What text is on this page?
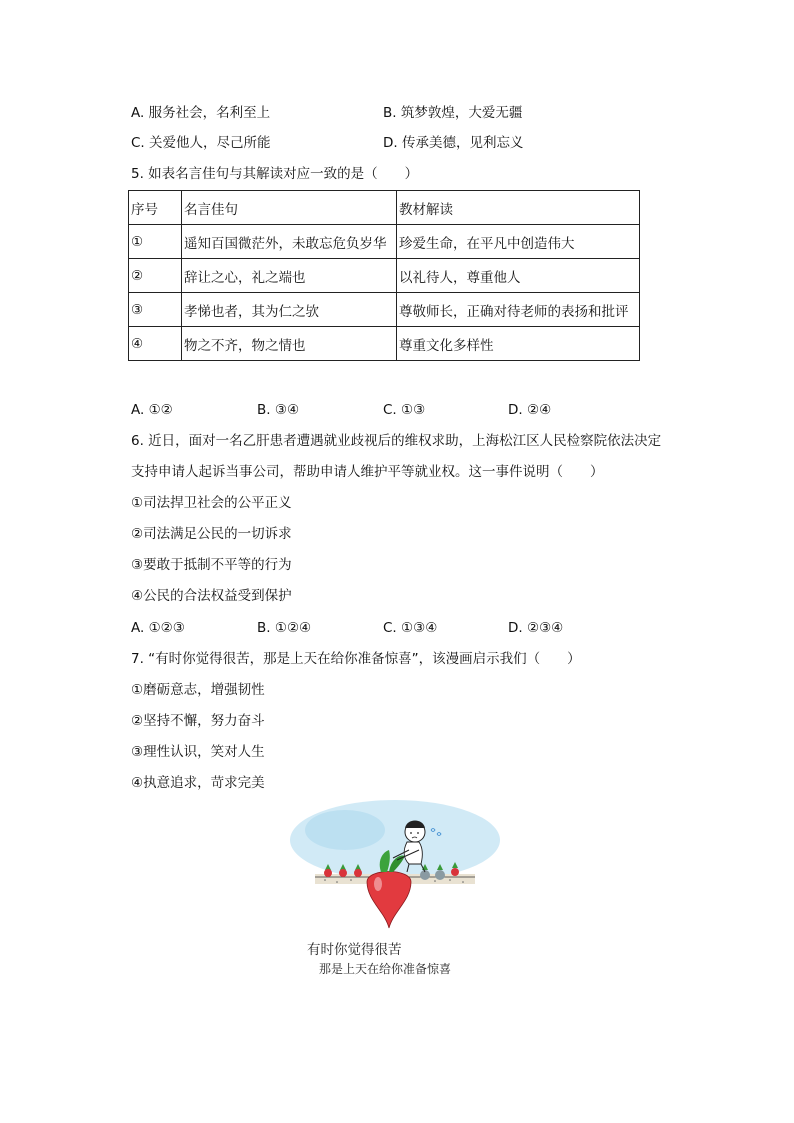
A. 服务社会，名利至上	B. 筑梦敦煌，大爱无疆
C. 关爱他人，尽己所能	D. 传承美德，见利忘义
5. 如表名言佳句与其解读对应一致的是（　　）
序号	名言佳句	教材解读
①	遥知百国微茫外，未敢忘危负岁华	珍爱生命，在平凡中创造伟大
②	辞让之心，礼之端也	以礼待人，尊重他人
③	孝悌也者，其为仁之欤	尊敬师长，正确对待老师的表扬和批评
④	物之不齐，物之情也	尊重文化多样性
A. ①②	B. ③④	C. ①③	D. ②④
6. 近日，面对一名乙肝患者遭遇就业歧视后的维权求助，上海松江区人民检察院依法决定
支持申请人起诉当事公司，帮助申请人维护平等就业权。这一事件说明（　　）
①司法捍卫社会的公平正义
②司法满足公民的一切诉求
③要敢于抵制不平等的行为
④公民的合法权益受到保护
A. ①②③	B. ①②④	C. ①③④	D. ②③④
7. “有时你觉得很苦，那是上天在给你准备惊喜”，该漫画启示我们（　　）
①磨砺意志，增强韧性
②坚持不懈，努力奋斗
③理性认识，笑对人生
④执意追求，苛求完美
有时你觉得很苦
那是上天在给你准备惊喜
